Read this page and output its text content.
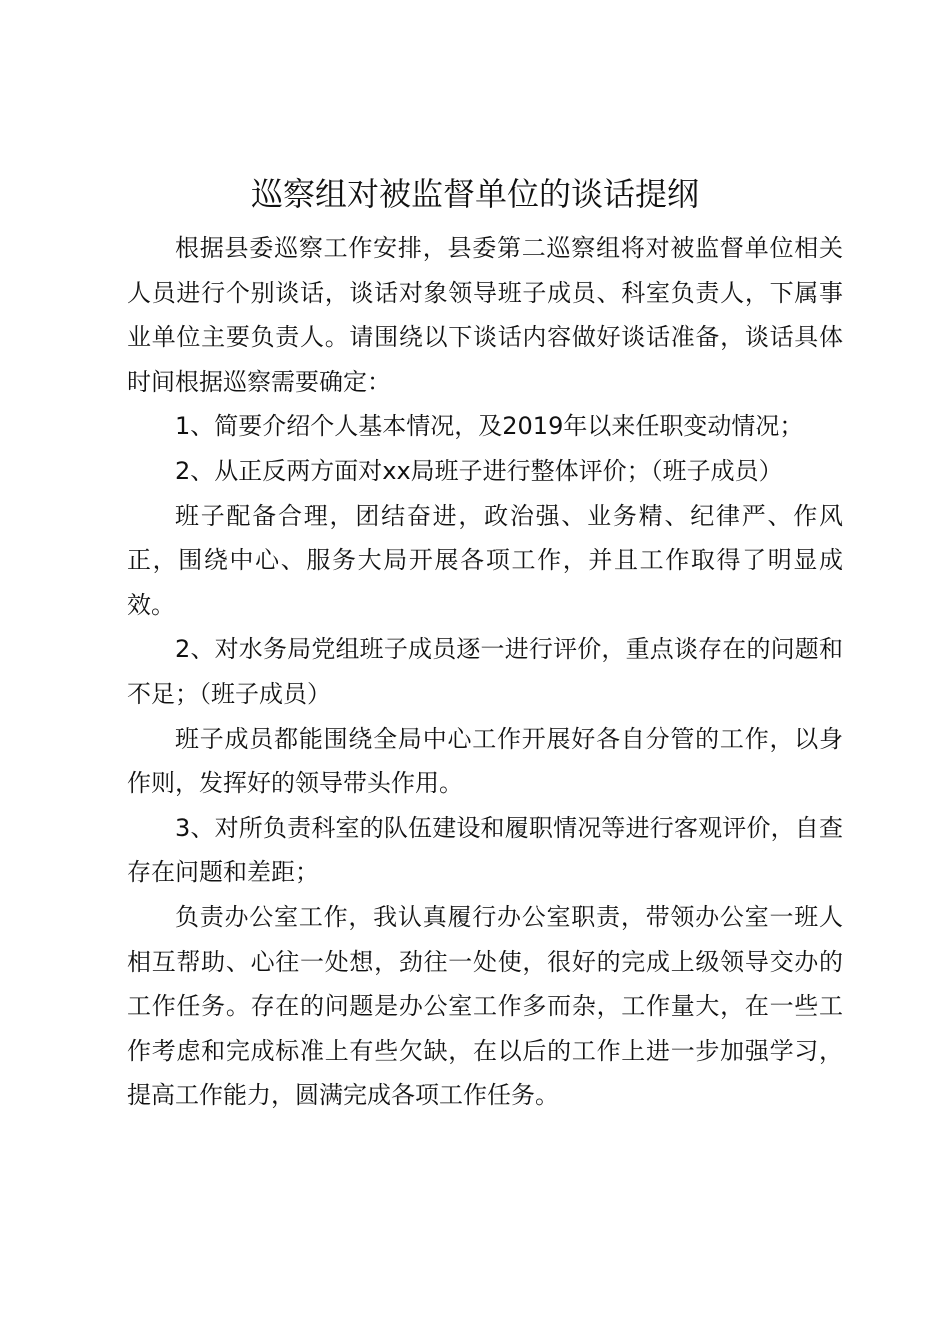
巡察组对被监督单位的谈话提纲

根据县委巡察工作安排，县委第二巡察组将对被监督单位相关人员进行个别谈话，谈话对象领导班子成员、科室负责人，下属事业单位主要负责人。请围绕以下谈话内容做好谈话准备，谈话具体时间根据巡察需要确定：

1、简要介绍个人基本情况，及2019年以来任职变动情况；

2、从正反两方面对xx局班子进行整体评价；（班子成员）

班子配备合理，团结奋进，政治强、业务精、纪律严、作风正，围绕中心、服务大局开展各项工作，并且工作取得了明显成效。

2、对水务局党组班子成员逐一进行评价，重点谈存在的问题和不足；（班子成员）

班子成员都能围绕全局中心工作开展好各自分管的工作，以身作则，发挥好的领导带头作用。

3、对所负责科室的队伍建设和履职情况等进行客观评价，自查存在问题和差距；

负责办公室工作，我认真履行办公室职责，带领办公室一班人相互帮助、心往一处想，劲往一处使，很好的完成上级领导交办的工作任务。存在的问题是办公室工作多而杂，工作量大，在一些工作考虑和完成标准上有些欠缺，在以后的工作上进一步加强学习，提高工作能力，圆满完成各项工作任务。
